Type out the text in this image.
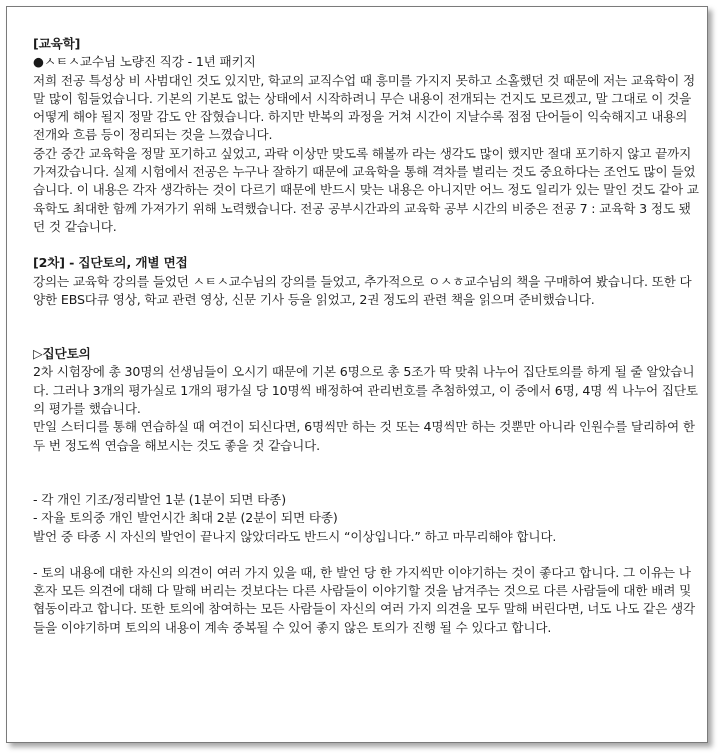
[교육학]

●ㅅㅌㅅ교수님 노량진 직강 - 1년 패키지

저희 전공 특성상 비 사범대인 것도 있지만, 학교의 교직수업 때 흥미를 가지지 못하고 소홀했던 것 때문에 저는 교육학이 정말 많이 힘들었습니다. 기본의 기본도 없는 상태에서 시작하려니 무슨 내용이 전개되는 건지도 모르겠고, 말 그대로 이 것을 어떻게 해야 될지 정말 감도 안 잡혔습니다. 하지만 반복의 과정을 거쳐 시간이 지날수록 점점 단어들이 익숙해지고 내용의 전개와 흐름 등이 정리되는 것을 느꼈습니다.

중간 중간 교육학을 정말 포기하고 싶었고, 과락 이상만 맞도록 해볼까 라는 생각도 많이 했지만 절대 포기하지 않고 끝까지 가져갔습니다. 실제 시험에서 전공은 누구나 잘하기 때문에 교육학을 통해 격차를 벌리는 것도 중요하다는 조언도 많이 들었습니다. 이 내용은 각자 생각하는 것이 다르기 때문에 반드시 맞는 내용은 아니지만 어느 정도 일리가 있는 말인 것도 같아 교육학도 최대한 함께 가져가기 위해 노력했습니다. 전공 공부시간과의 교육학 공부 시간의 비중은 전공 7 : 교육학 3 정도 됐던 것 같습니다.

[2차] - 집단토의, 개별 면접

강의는 교육학 강의를 들었던 ㅅㅌㅅ교수님의 강의를 들었고, 추가적으로 ㅇㅅㅎ교수님의 책을 구매하여 봤습니다. 또한 다양한 EBS다큐 영상, 학교 관련 영상, 신문 기사 등을 읽었고, 2권 정도의 관련 책을 읽으며 준비했습니다.

▷집단토의

2차 시험장에 총 30명의 선생님들이 오시기 때문에 기본 6명으로 총 5조가 딱 맞춰 나누어 집단토의를 하게 될 줄 알았습니다. 그러나 3개의 평가실로 1개의 평가실 당 10명씩 배정하여 관리번호를 추첨하였고, 이 중에서 6명, 4명 씩 나누어 집단토의 평가를 했습니다.

만일 스터디를 통해 연습하실 때 여건이 되신다면, 6명씩만 하는 것 또는 4명씩만 하는 것뿐만 아니라 인원수를 달리하여 한두 번 정도씩 연습을 해보시는 것도 좋을 것 같습니다.

- 각 개인 기조/정리발언 1분 (1분이 되면 타종)

- 자율 토의중 개인 발언시간 최대 2분 (2분이 되면 타종)

발언 중 타종 시 자신의 발언이 끝나지 않았더라도 반드시 “이상입니다.” 하고 마무리해야 합니다.

- 토의 내용에 대한 자신의 의견이 여러 가지 있을 때, 한 발언 당 한 가지씩만 이야기하는 것이 좋다고 합니다. 그 이유는 나 혼자 모든 의견에 대해 다 말해 버리는 것보다는 다른 사람들이 이야기할 것을 남겨주는 것으로 다른 사람들에 대한 배려 및 협동이라고 합니다. 또한 토의에 참여하는 모든 사람들이 자신의 여러 가지 의견을 모두 말해 버린다면, 너도 나도 같은 생각들을 이야기하며 토의의 내용이 계속 중복될 수 있어 좋지 않은 토의가 진행 될 수 있다고 합니다.
